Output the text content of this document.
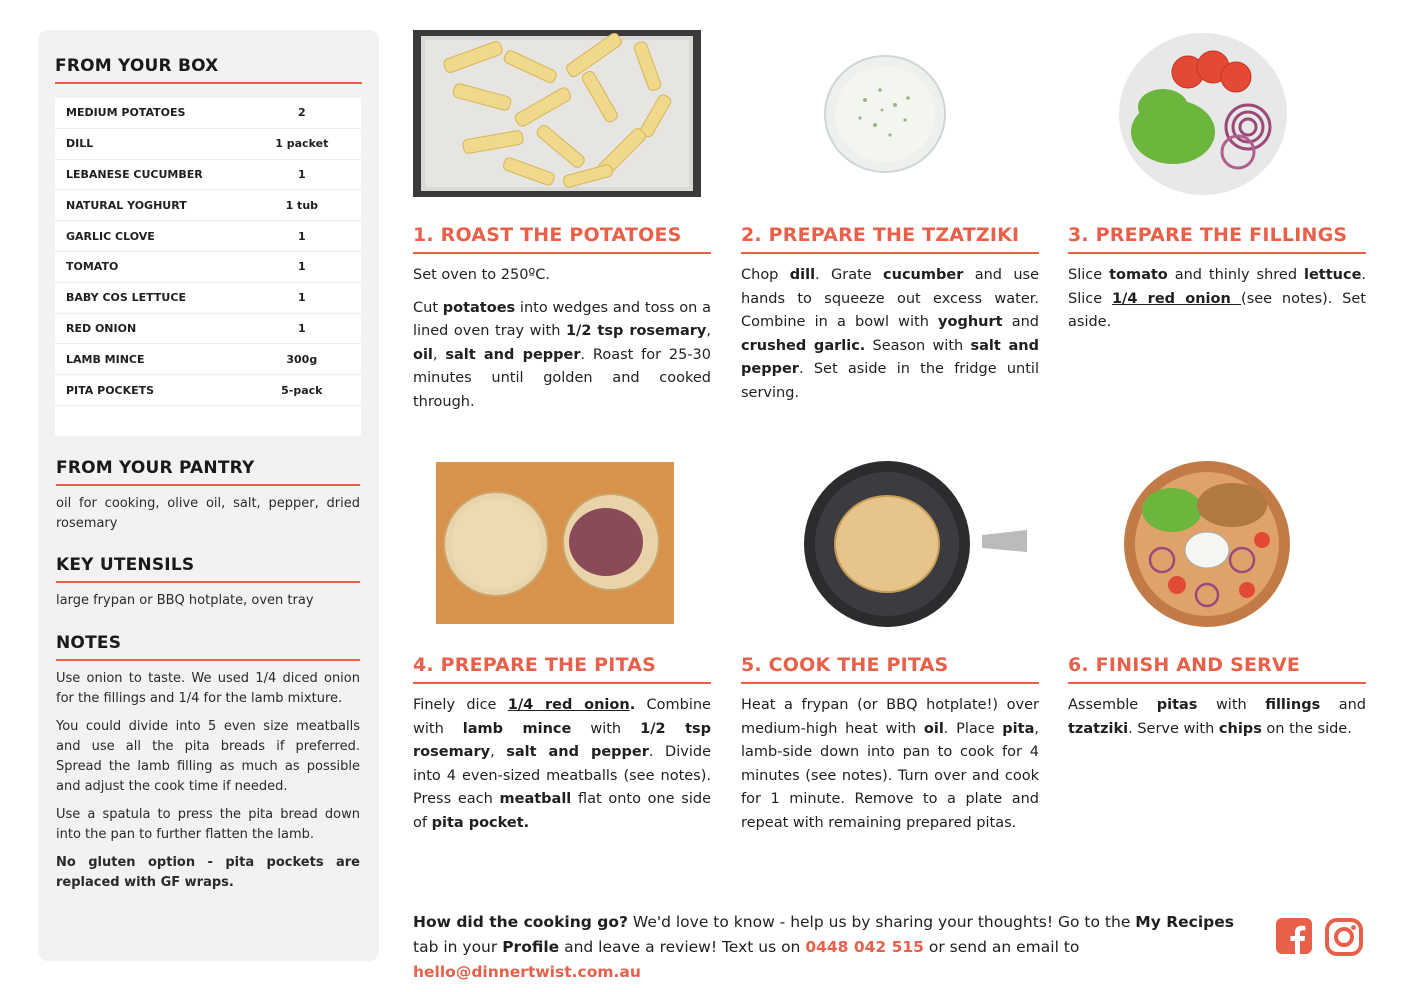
FROM YOUR BOX
MEDIUM POTATOES	2
DILL	1 packet
LEBANESE CUCUMBER	1
NATURAL YOGHURT	1 tub
GARLIC CLOVE	1
TOMATO	1
BABY COS LETTUCE	1
RED ONION	1
LAMB MINCE	300g
PITA POCKETS	5-pack
FROM YOUR PANTRY

oil for cooking, olive oil, salt, pepper, dried rosemary

KEY UTENSILS

large frypan or BBQ hotplate, oven tray

NOTES

Use onion to taste. We used 1/4 diced onion for the fillings and 1/4 for the lamb mixture.

You could divide into 5 even size meatballs and use all the pita breads if preferred. Spread the lamb filling as much as possible and adjust the cook time if needed.

Use a spatula to press the pita bread down into the pan to further flatten the lamb.

No gluten option - pita pockets are replaced with GF wraps.

1. ROAST THE POTATOES

Set oven to 250ºC.

Cut potatoes into wedges and toss on a lined oven tray with 1/2 tsp rosemary, oil, salt and pepper. Roast for 25-30 minutes until golden and cooked through.

2. PREPARE THE TZATZIKI

Chop dill. Grate cucumber and use hands to squeeze out excess water. Combine in a bowl with yoghurt and crushed garlic. Season with salt and pepper. Set aside in the fridge until serving.

3. PREPARE THE FILLINGS

Slice tomato and thinly shred lettuce. Slice 1/4 red onion (see notes). Set aside.

4. PREPARE THE PITAS

Finely dice 1/4 red onion. Combine with lamb mince with 1/2 tsp rosemary, salt and pepper. Divide into 4 even-sized meatballs (see notes). Press each meatball flat onto one side of pita pocket.

5. COOK THE PITAS

Heat a frypan (or BBQ hotplate!) over medium-high heat with oil. Place pita, lamb-side down into pan to cook for 4 minutes (see notes). Turn over and cook for 1 minute. Remove to a plate and repeat with remaining prepared pitas.

6. FINISH AND SERVE

Assemble pitas with fillings and tzatziki. Serve with chips on the side.

How did the cooking go? We'd love to know - help us by sharing your thoughts! Go to the My Recipes tab in your Profile and leave a review! Text us on 0448 042 515 or send an email to hello@dinnertwist.com.au
